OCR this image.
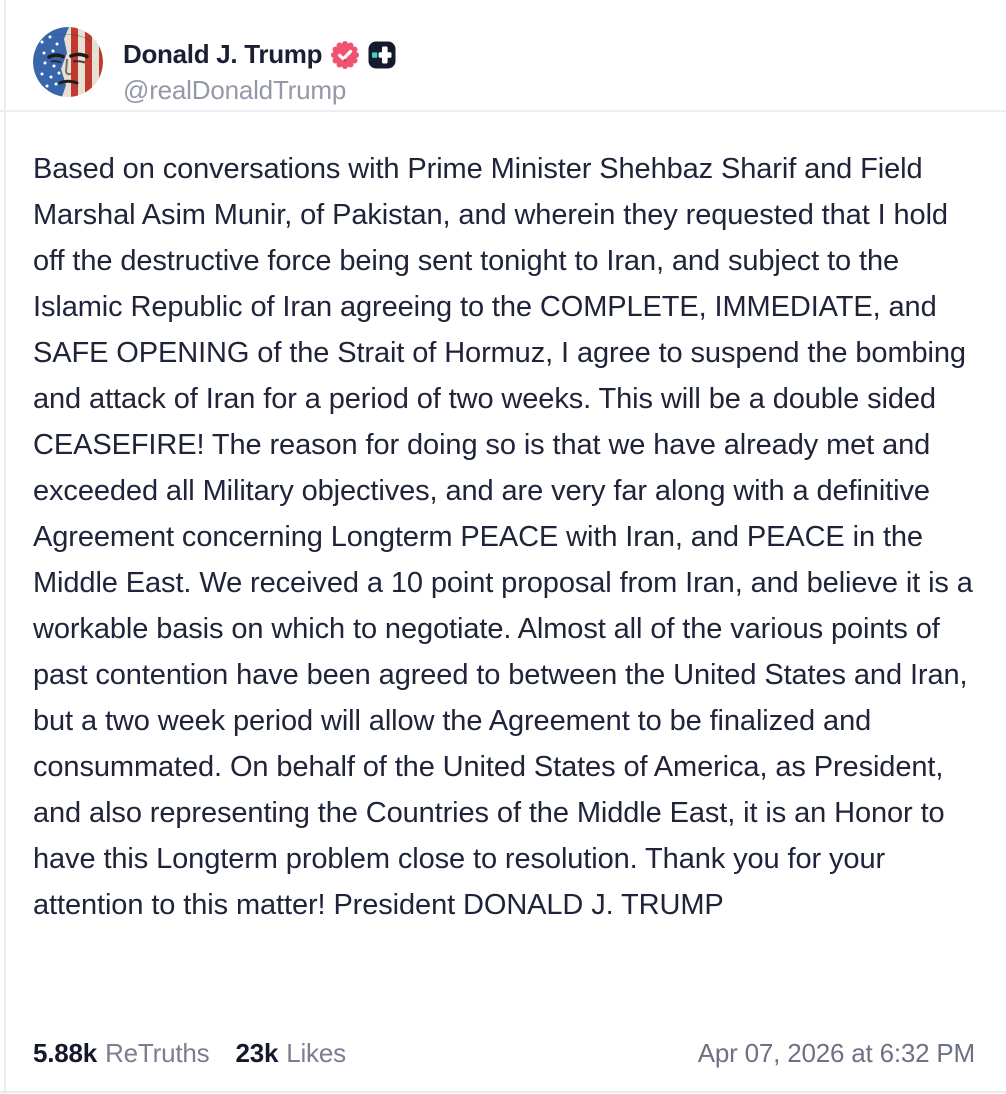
Donald J. Trump
@realDonaldTrump
Based on conversations with Prime Minister Shehbaz Sharif and Field Marshal Asim Munir, of Pakistan, and wherein they requested that I hold off the destructive force being sent tonight to Iran, and subject to the Islamic Republic of Iran agreeing to the COMPLETE, IMMEDIATE, and SAFE OPENING of the Strait of Hormuz, I agree to suspend the bombing and attack of Iran for a period of two weeks. This will be a double sided CEASEFIRE! The reason for doing so is that we have already met and exceeded all Military objectives, and are very far along with a definitive Agreement concerning Longterm PEACE with Iran, and PEACE in the Middle East. We received a 10 point proposal from Iran, and believe it is a workable basis on which to negotiate. Almost all of the various points of past contention have been agreed to between the United States and Iran, but a two week period will allow the Agreement to be finalized and consummated. On behalf of the United States of America, as President, and also representing the Countries of the Middle East, it is an Honor to have this Longterm problem close to resolution. Thank you for your attention to this matter! President DONALD J. TRUMP
5.88k ReTruths 23k Likes	Apr 07, 2026 at 6:32 PM
